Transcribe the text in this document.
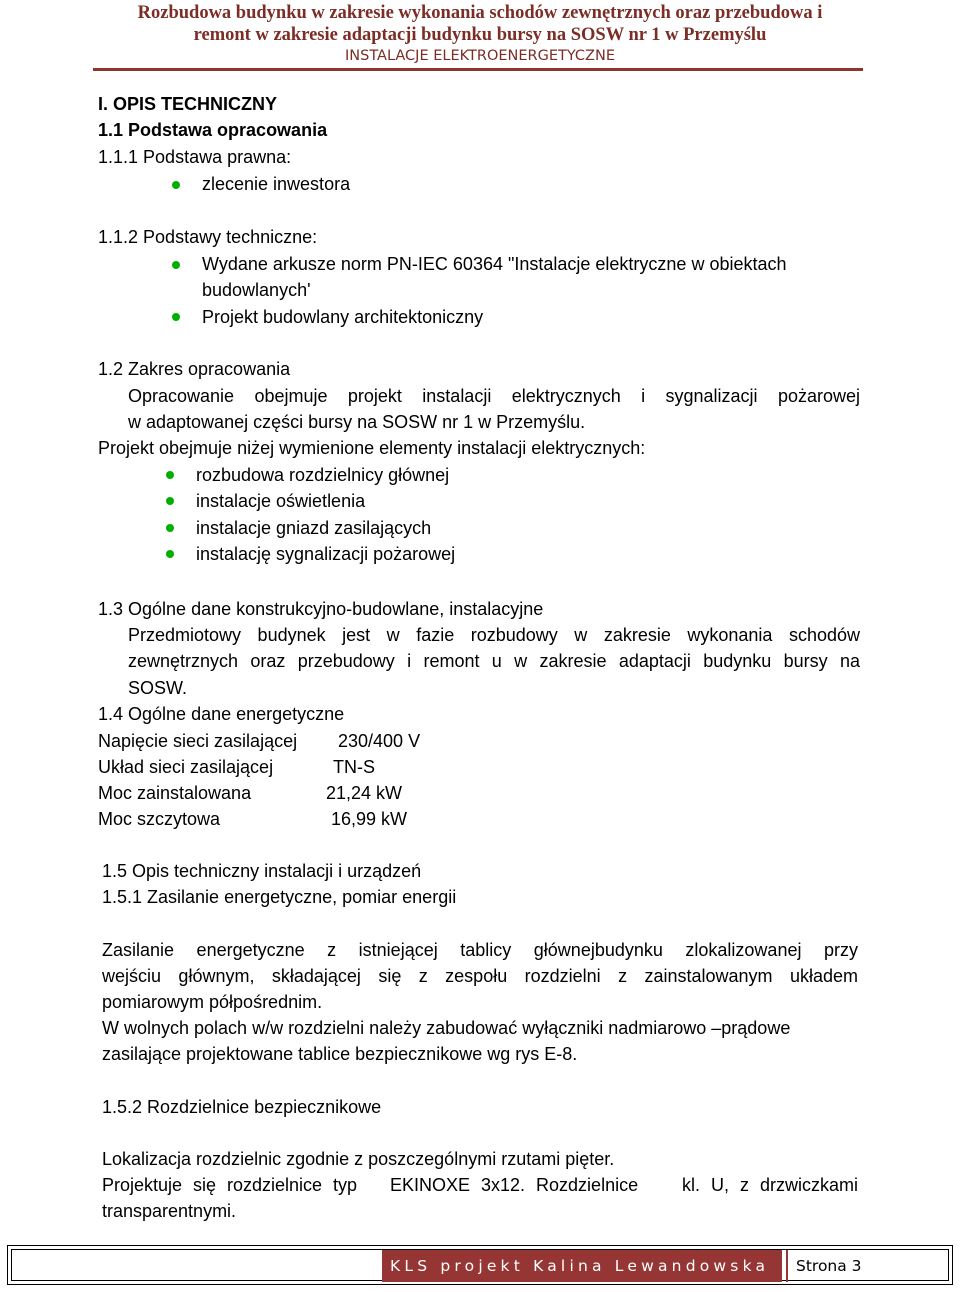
Rozbudowa budynku w zakresie wykonania schodów zewnętrznych oraz przebudowa i
remont w zakresie adaptacji budynku bursy na SOSW nr 1 w Przemyślu
INSTALACJE ELEKTROENERGETYCZNE
I. OPIS TECHNICZNY
1.1 Podstawa opracowania
1.1.1 Podstawa prawna:
zlecenie inwestora
1.1.2 Podstawy techniczne:
Wydane arkusze norm PN-IEC 60364 "Instalacje elektryczne w obiektach
budowlanych'
Projekt budowlany architektoniczny
1.2 Zakres opracowania
Opracowanie obejmuje projekt instalacji elektrycznych i sygnalizacji pożarowej
w adaptowanej części bursy na SOSW nr 1 w Przemyślu.
Projekt obejmuje niżej wymienione elementy instalacji elektrycznych:
rozbudowa rozdzielnicy głównej
instalacje oświetlenia
instalacje gniazd zasilających
instalację sygnalizacji pożarowej
1.3 Ogólne dane konstrukcyjno-budowlane, instalacyjne
Przedmiotowy budynek jest w fazie rozbudowy w zakresie wykonania schodów
zewnętrznych oraz przebudowy i remont u w zakresie adaptacji budynku bursy na
SOSW.
1.4 Ogólne dane energetyczne
Napięcie sieci zasilającej 230/400 V
Układ sieci zasilającej	TN-S
Moc zainstalowana	21,24 kW
Moc szczytowa	16,99 kW
1.5 Opis techniczny instalacji i urządzeń
1.5.1 Zasilanie energetyczne, pomiar energii
Zasilanie energetyczne z istniejącej tablicy głównejbudynku zlokalizowanej przy
wejściu głównym, składającej się z zespołu rozdzielni z zainstalowanym układem
pomiarowym półpośrednim.
W wolnych polach w/w rozdzielni należy zabudować wyłączniki nadmiarowo –prądowe
zasilające projektowane tablice bezpiecznikowe wg rys E-8.
1.5.2 Rozdzielnice bezpiecznikowe
Lokalizacja rozdzielnic zgodnie z poszczególnymi rzutami pięter.
Projektuje się rozdzielnice typ   EKINOXE 3x12. Rozdzielnice    kl. U, z drzwiczkami
transparentnymi.
KLS projekt Kalina Lewandowska	Strona 3
